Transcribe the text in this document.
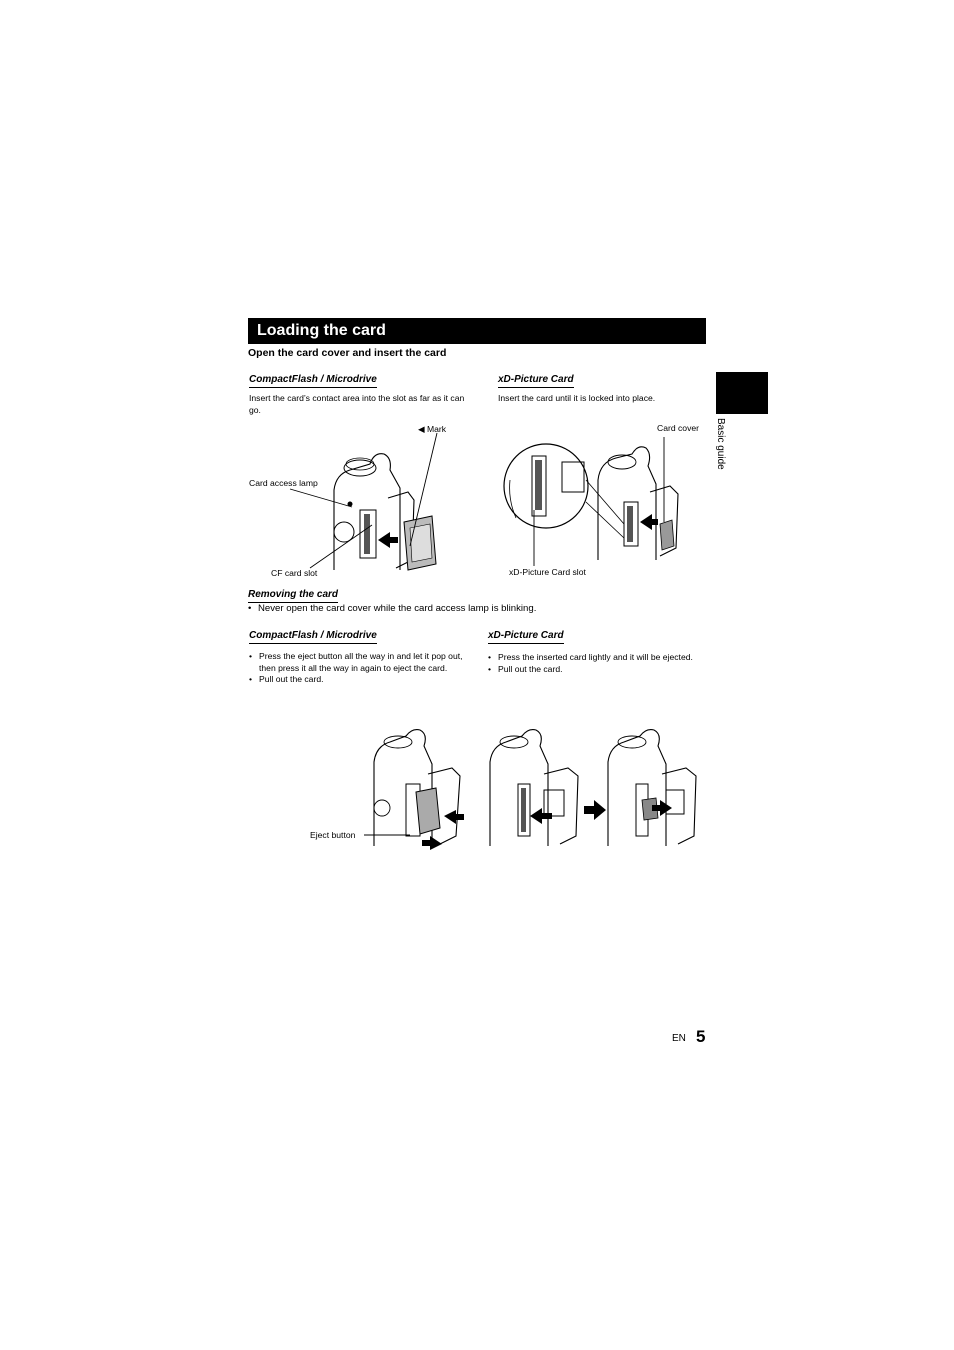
Loading the card
Open the card cover and insert the card
Basic guide
CompactFlash / Microdrive
Insert the card’s contact area into the slot as far as it can go.
xD-Picture Card
Insert the card until it is locked into place.
◀ Mark
Card access lamp
CF card slot
Card cover
xD-Picture Card slot
Removing the card
• Never open the card cover while the card access lamp is blinking.
CompactFlash / Microdrive
• Press the eject button all the way in and let it pop out, then press it all the way in again to eject the card.
• Pull out the card.
xD-Picture Card
• Press the inserted card lightly and it will be ejected.
• Pull out the card.
Eject button
EN 5
